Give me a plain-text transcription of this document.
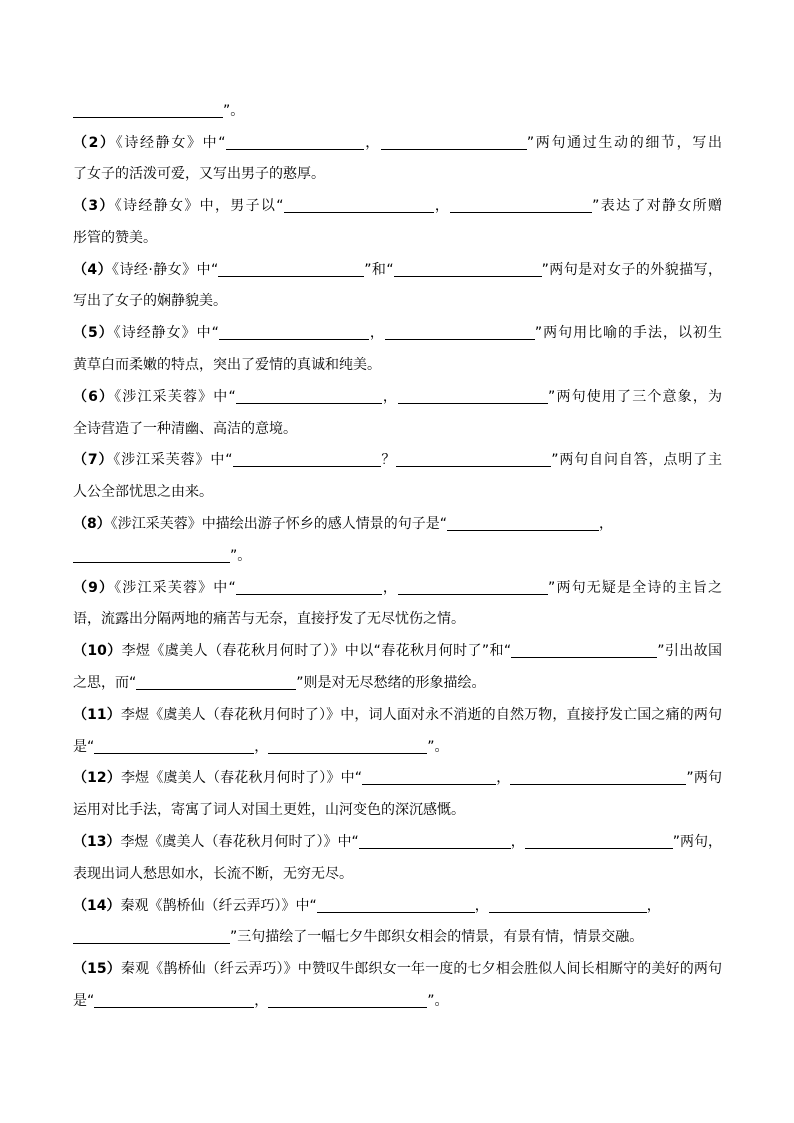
”。
（2）《诗经静女》中“	，	”两句通过生动的细节，写出
了女子的活泼可爱，又写出男子的憨厚。
（3）《诗经静女》中，男子以“	，	”表达了对静女所赠
彤管的赞美。
（4）《诗经·静女》中“	”和“	”两句是对女子的外貌描写，
写出了女子的娴静貌美。
（5）《诗经静女》中“	，	”两句用比喻的手法，以初生
黄草白而柔嫩的特点，突出了爱情的真诚和纯美。
（6）《涉江采芙蓉》中“	，	”两句使用了三个意象，为
全诗营造了一种清幽、高洁的意境。
（7）《涉江采芙蓉》中“	？	”两句自问自答，点明了主
人公全部忧思之由来。
（8）《涉江采芙蓉》中描绘出游子怀乡的感人情景的句子是“	，
”。
（9）《涉江采芙蓉》中“	，	”两句无疑是全诗的主旨之
语，流露出分隔两地的痛苦与无奈，直接抒发了无尽忧伤之情。
（10）李煜《虞美人（春花秋月何时了）》中以“春花秋月何时了”和“	”引出故国
之思，而“	”则是对无尽愁绪的形象描绘。
（11）李煜《虞美人（春花秋月何时了）》中，词人面对永不消逝的自然万物，直接抒发亡国之痛的两句
是“	，	”。
（12）李煜《虞美人（春花秋月何时了）》中“	，	”两句
运用对比手法，寄寓了词人对国土更姓，山河变色的深沉感慨。
（13）李煜《虞美人（春花秋月何时了）》中“	，	”两句，
表现出词人愁思如水，长流不断，无穷无尽。
（14）秦观《鹊桥仙（纤云弄巧）》中“	，	，
”三句描绘了一幅七夕牛郎织女相会的情景，有景有情，情景交融。
（15）秦观《鹊桥仙（纤云弄巧）》中赞叹牛郎织女一年一度的七夕相会胜似人间长相厮守的美好的两句
是“	，	”。
